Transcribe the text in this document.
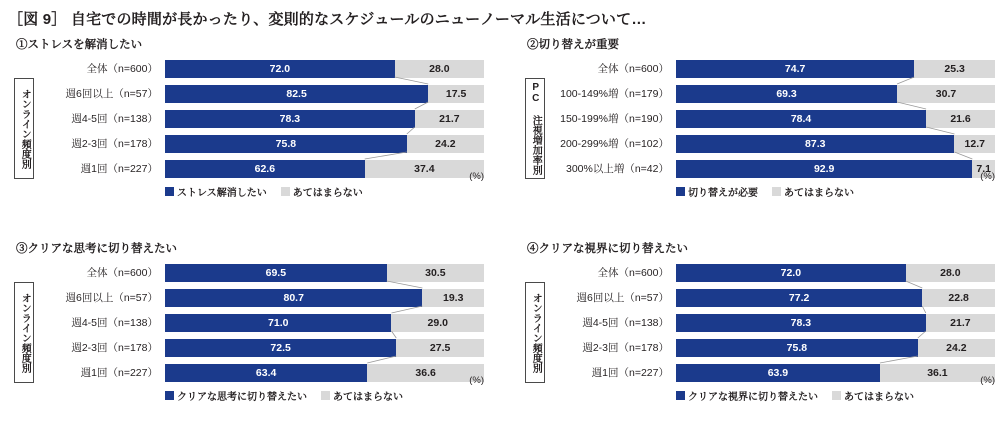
［図 9］ 自宅での時間が長かったり、変則的なスケジュールのニューノーマル生活について…
①ストレスを解消したい
オンライン頻度別
全体（n=600）	72.0	28.0
週6回以上（n=57）	82.5	17.5
週4-5回（n=138）	78.3	21.7
週2-3回（n=178）	75.8	24.2
週1回（n=227）	62.6	37.4
ストレス解消したい	あてはまらない
(%)
②切り替えが重要
PC 注視増加率別
全体（n=600）	74.7	25.3
100-149%増（n=179）	69.3	30.7
150-199%増（n=190）	78.4	21.6
200-299%増（n=102）	87.3	12.7
300%以上増（n=42）	92.9	7.1
切り替えが必要	あてはまらない
(%)
③クリアな思考に切り替えたい
オンライン頻度別
全体（n=600）	69.5	30.5
週6回以上（n=57）	80.7	19.3
週4-5回（n=138）	71.0	29.0
週2-3回（n=178）	72.5	27.5
週1回（n=227）	63.4	36.6
クリアな思考に切り替えたい	あてはまらない
(%)
④クリアな視界に切り替えたい
オンライン頻度別
全体（n=600）	72.0	28.0
週6回以上（n=57）	77.2	22.8
週4-5回（n=138）	78.3	21.7
週2-3回（n=178）	75.8	24.2
週1回（n=227）	63.9	36.1
クリアな視界に切り替えたい	あてはまらない
(%)
